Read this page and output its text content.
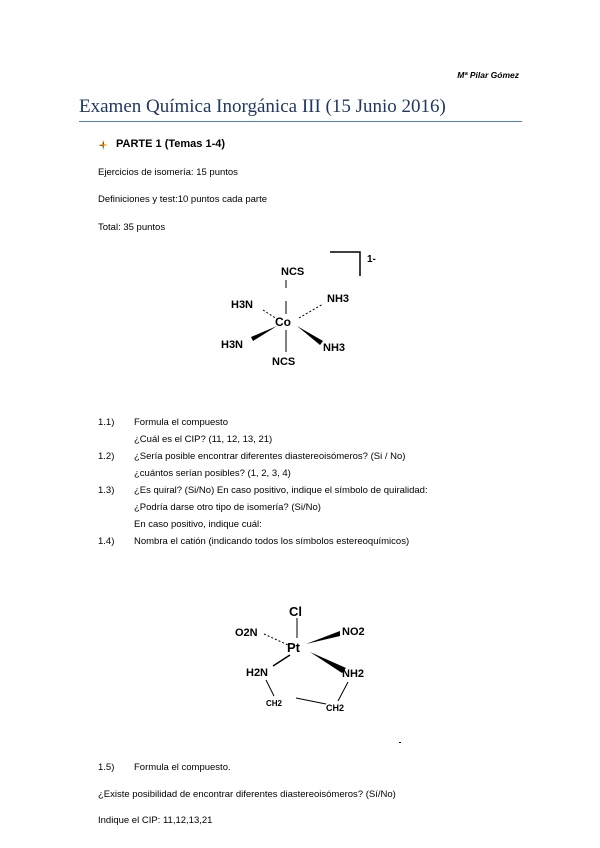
Mª Pilar Gómez
Examen Química Inorgánica III (15 Junio 2016)
PARTE 1 (Temas 1-4)
Ejercicios de isomería: 15 puntos
Definiciones y test:10 puntos cada parte
Total: 35 puntos
1-
NCS
H3N	NH3
Co
H3N	NH3
NCS
1.1) Formula el compuesto
¿Cuál es el CIP? (11, 12, 13, 21)
1.2) ¿Sería posible encontrar diferentes diastereoisómeros? (Si / No)
¿cuántos serían posibles? (1, 2, 3, 4)
1.3) ¿Es quiral? (Si/No) En caso positivo, indique el símbolo de quiralidad:
¿Podría darse otro tipo de isomería? (Si/No)
En caso positivo, indique cuál:
1.4) Nombra el catión (indicando todos los símbolos estereoquímicos)
Cl
O2N	NO2
Pt
H2N	NH2
CH2	CH2
1.5) Formula el compuesto.
¿Existe posibilidad de encontrar diferentes diastereoisómeros? (Sí/No)
Indique el CIP: 11,12,13,21
